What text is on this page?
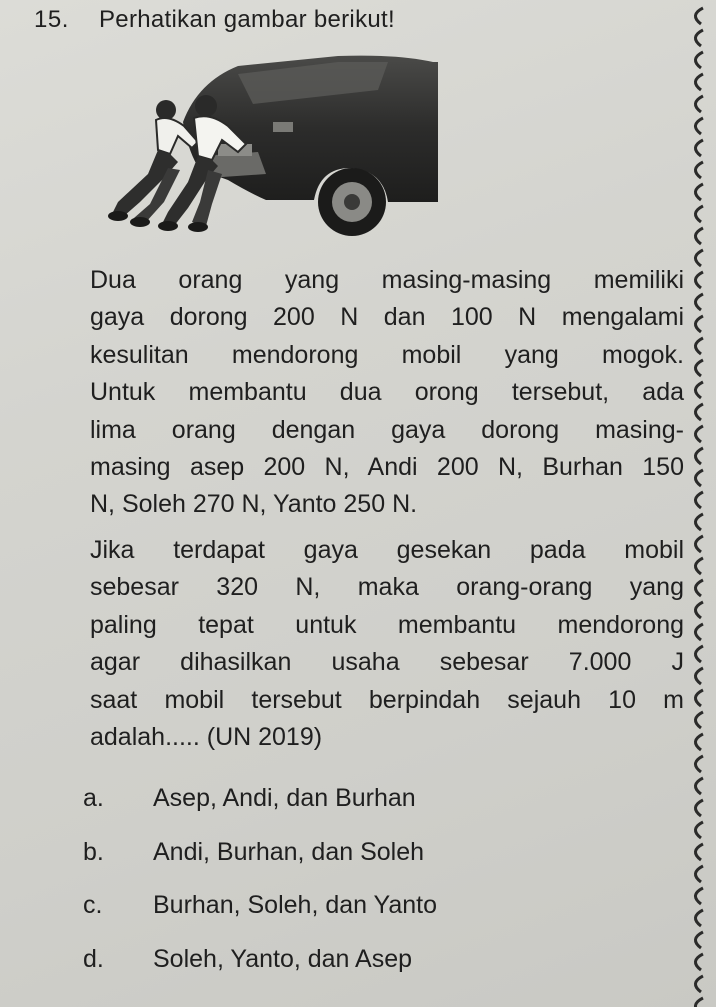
15. Perhatikan gambar berikut!
Dua orang yang masing-masing memiliki
gaya dorong 200 N dan 100 N mengalami
kesulitan mendorong mobil yang mogok.
Untuk membantu dua orong tersebut, ada
lima orang dengan gaya dorong masing-
masing asep 200 N, Andi 200 N, Burhan 150
N, Soleh 270 N, Yanto 250 N.
Jika terdapat gaya gesekan pada mobil
sebesar 320 N, maka orang-orang yang
paling tepat untuk membantu mendorong
agar dihasilkan usaha sebesar 7.000 J
saat mobil tersebut berpindah sejauh 10 m
adalah..... (UN 2019)
a. Asep, Andi, dan Burhan
b. Andi, Burhan, dan Soleh
c. Burhan, Soleh, dan Yanto
d. Soleh, Yanto, dan Asep
